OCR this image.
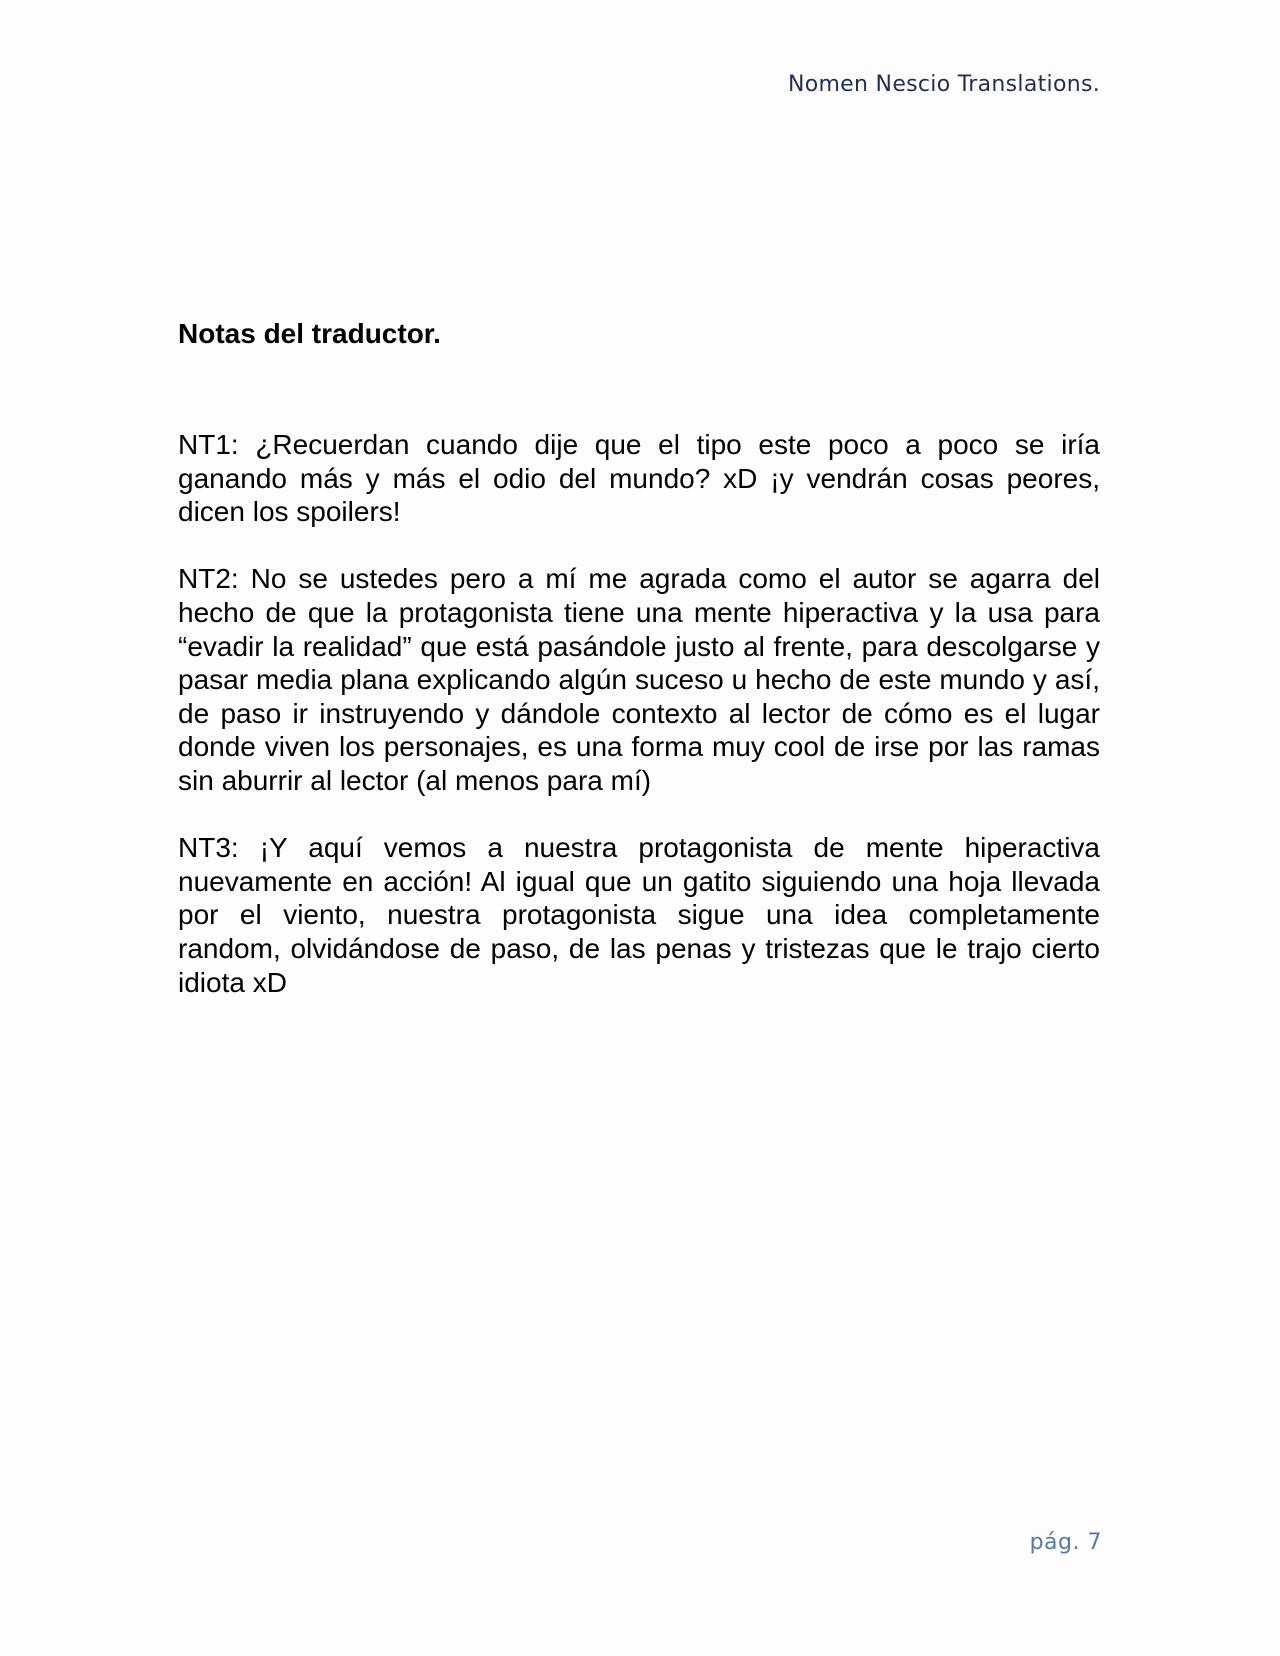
Nomen Nescio Translations.
Notas del traductor.

NT1: ¿Recuerdan cuando dije que el tipo este poco a poco se iría ganando más y más el odio del mundo? xD ¡y vendrán cosas peores, dicen los spoilers!

NT2: No se ustedes pero a mí me agrada como el autor se agarra del hecho de que la protagonista tiene una mente hiperactiva y la usa para “evadir la realidad” que está pasándole justo al frente, para descolgarse y pasar media plana explicando algún suceso u hecho de este mundo y así, de paso ir instruyendo y dándole contexto al lector de cómo es el lugar donde viven los personajes, es una forma muy cool de irse por las ramas sin aburrir al lector (al menos para mí)

NT3: ¡Y aquí vemos a nuestra protagonista de mente hiperactiva nuevamente en acción! Al igual que un gatito siguiendo una hoja llevada por el viento, nuestra protagonista sigue una idea completamente random, olvidándose de paso, de las penas y tristezas que le trajo cierto idiota xD

pág. 7
